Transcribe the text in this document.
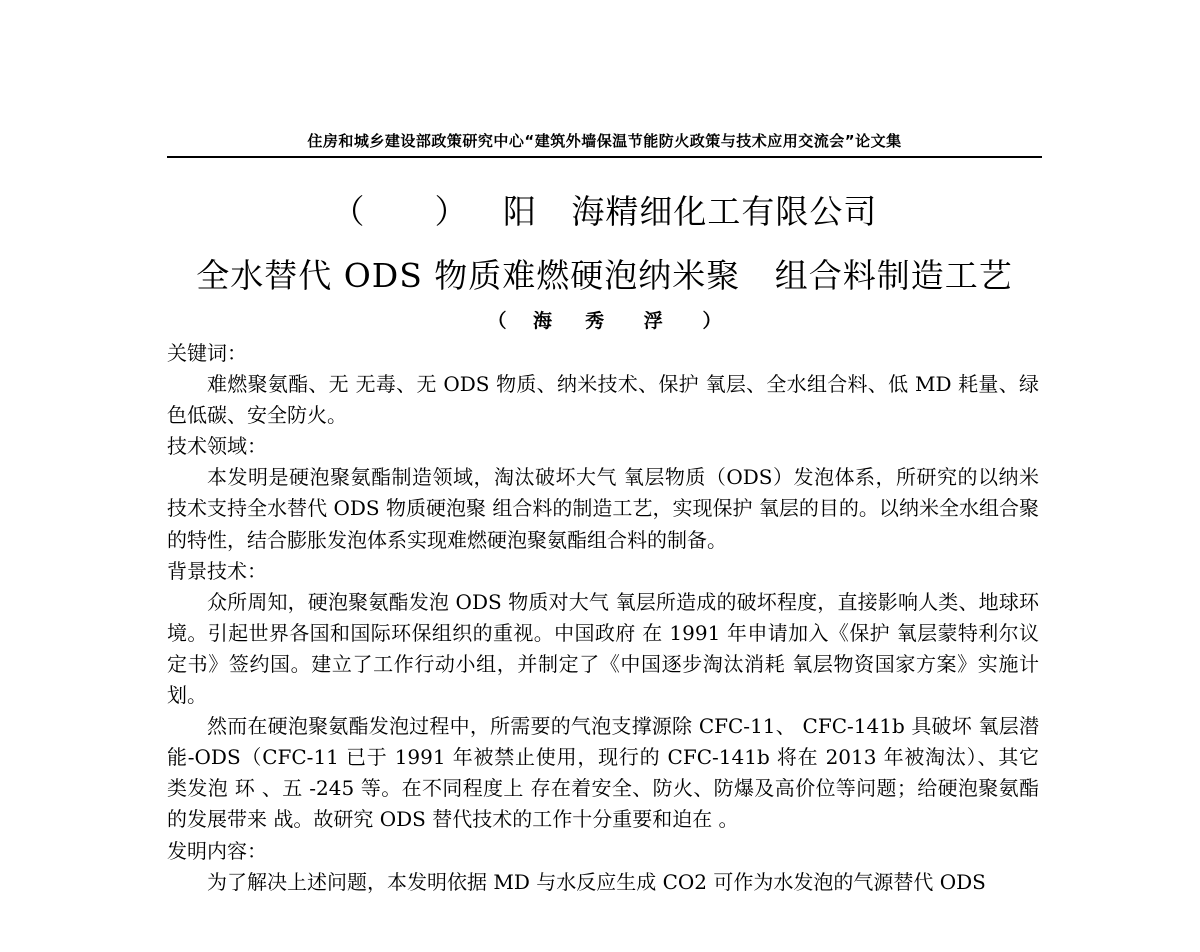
住房和城乡建设部政策研究中心“建筑外墙保温节能防火政策与技术应用交流会”论文集
（      ）   阳   海精细化工有限公司
全水替代 ODS 物质难燃硬泡纳米聚   组合料制造工艺
（    海     秀      浮      ）

关键词：

难燃聚氨酯、无 无毒、无 ODS 物质、纳米技术、保护 氧层、全水组合料、低 MD 耗量、绿色低碳、安全防火。

技术领域：

本发明是硬泡聚氨酯制造领域，淘汰破坏大气 氧层物质（ODS）发泡体系，所研究的以纳米技术支持全水替代 ODS 物质硬泡聚 组合料的制造工艺，实现保护 氧层的目的。以纳米全水组合聚 的特性，结合膨胀发泡体系实现难燃硬泡聚氨酯组合料的制备。

背景技术：

众所周知，硬泡聚氨酯发泡 ODS 物质对大气 氧层所造成的破坏程度，直接影响人类、地球环境。引起世界各国和国际环保组织的重视。中国政府 在 1991 年申请加入《保护 氧层蒙特利尔议定书》签约国。建立了工作行动小组，并制定了《中国逐步淘汰消耗 氧层物资国家方案》实施计划。

然而在硬泡聚氨酯发泡过程中，所需要的气泡支撑源除 CFC-11、 CFC-141b 具破坏 氧层潜能-ODS（CFC-11 已于 1991 年被禁止使用，现行的 CFC-141b 将在 2013 年被淘汰）、其它 类发泡 环 、五 -245 等。在不同程度上 存在着安全、防火、防爆及高价位等问题；给硬泡聚氨酯的发展带来 战。故研究 ODS 替代技术的工作十分重要和迫在 。

发明内容：

为了解决上述问题，本发明依据 MD 与水反应生成 CO2 可作为水发泡的气源替代 ODS
